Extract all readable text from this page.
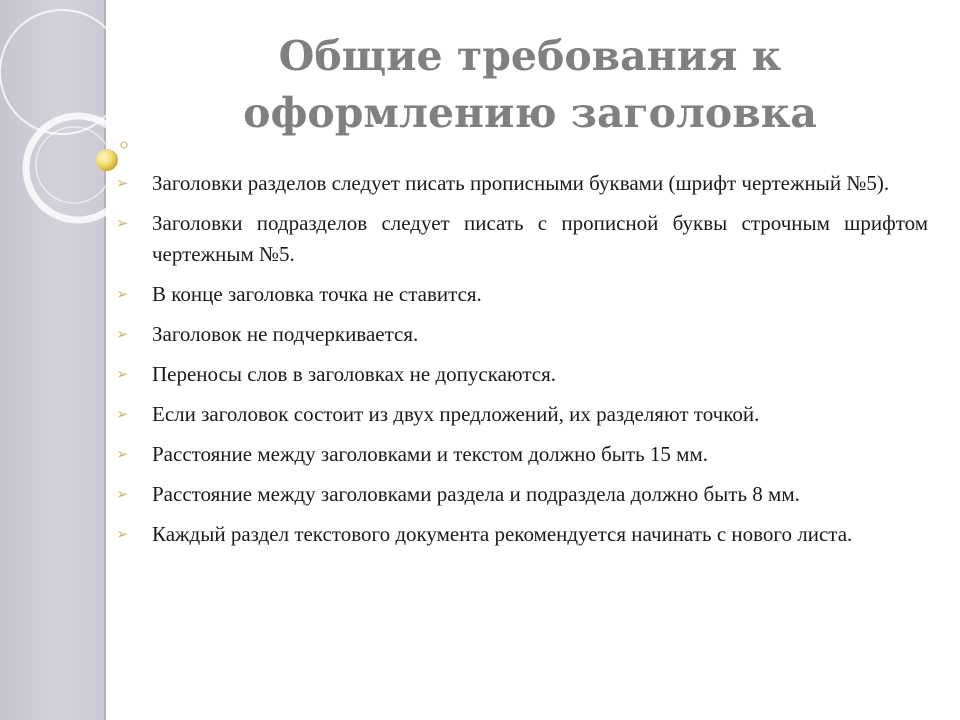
Общие требования к оформлению заголовка
➢ Заголовки разделов следует писать прописными буквами (шрифт чертежный №5).
➢ Заголовки подразделов следует писать с прописной буквы строчным шрифтом чертежным №5.
➢ В конце заголовка точка не ставится.
➢ Заголовок не подчеркивается.
➢ Переносы слов в заголовках не допускаются.
➢ Если заголовок состоит из двух предложений, их разделяют точкой.
➢ Расстояние между заголовками и текстом должно быть 15 мм.
➢ Расстояние между заголовками раздела и подраздела должно быть 8 мм.
➢ Каждый раздел текстового документа рекомендуется начинать с нового листа.
